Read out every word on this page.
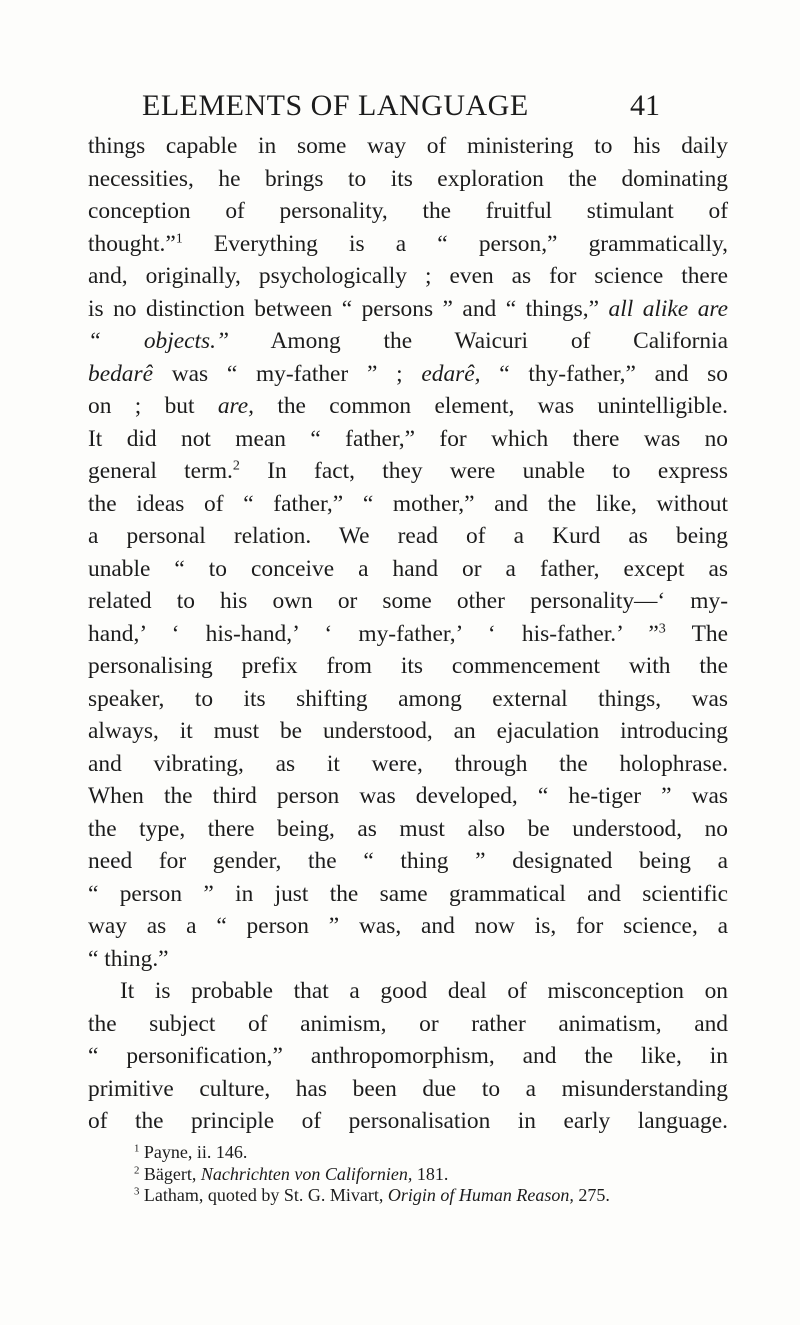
ELEMENTS OF LANGUAGE	41
things capable in some way of ministering to his daily
necessities, he brings to its exploration the dominating
conception of personality, the fruitful stimulant of
thought.”$^1$ Everything is a “ person,” grammatically,
and, originally, psychologically ; even as for science there
is no distinction between “ persons ” and “ things,” all alike are
“ objects.” Among the Waicuri of California
bedarê was “ my-father ” ; edarê, “ thy-father,” and so
on ; but are, the common element, was unintelligible.
It did not mean “ father,” for which there was no
general term.$^2$ In fact, they were unable to express
the ideas of “ father,” “ mother,” and the like, without
a personal relation. We read of a Kurd as being
unable “ to conceive a hand or a father, except as
related to his own or some other personality—‘ my-
hand,’ ‘ his-hand,’ ‘ my-father,’ ‘ his-father.’ ”$^3$ The
personalising prefix from its commencement with the
speaker, to its shifting among external things, was
always, it must be understood, an ejaculation introducing
and vibrating, as it were, through the holophrase.
When the third person was developed, “ he-tiger ” was
the type, there being, as must also be understood, no
need for gender, the “ thing ” designated being a
“ person ” in just the same grammatical and scientific
way as a “ person ” was, and now is, for science, a
“ thing.”
It is probable that a good deal of misconception on
the subject of animism, or rather animatism, and
“ personification,” anthropomorphism, and the like, in
primitive culture, has been due to a misunderstanding
of the principle of personalisation in early language.
$^1$ Payne, ii. 146.
$^2$ Bägert, Nachrichten von Californien, 181.
$^3$ Latham, quoted by St. G. Mivart, Origin of Human Reason, 275.
